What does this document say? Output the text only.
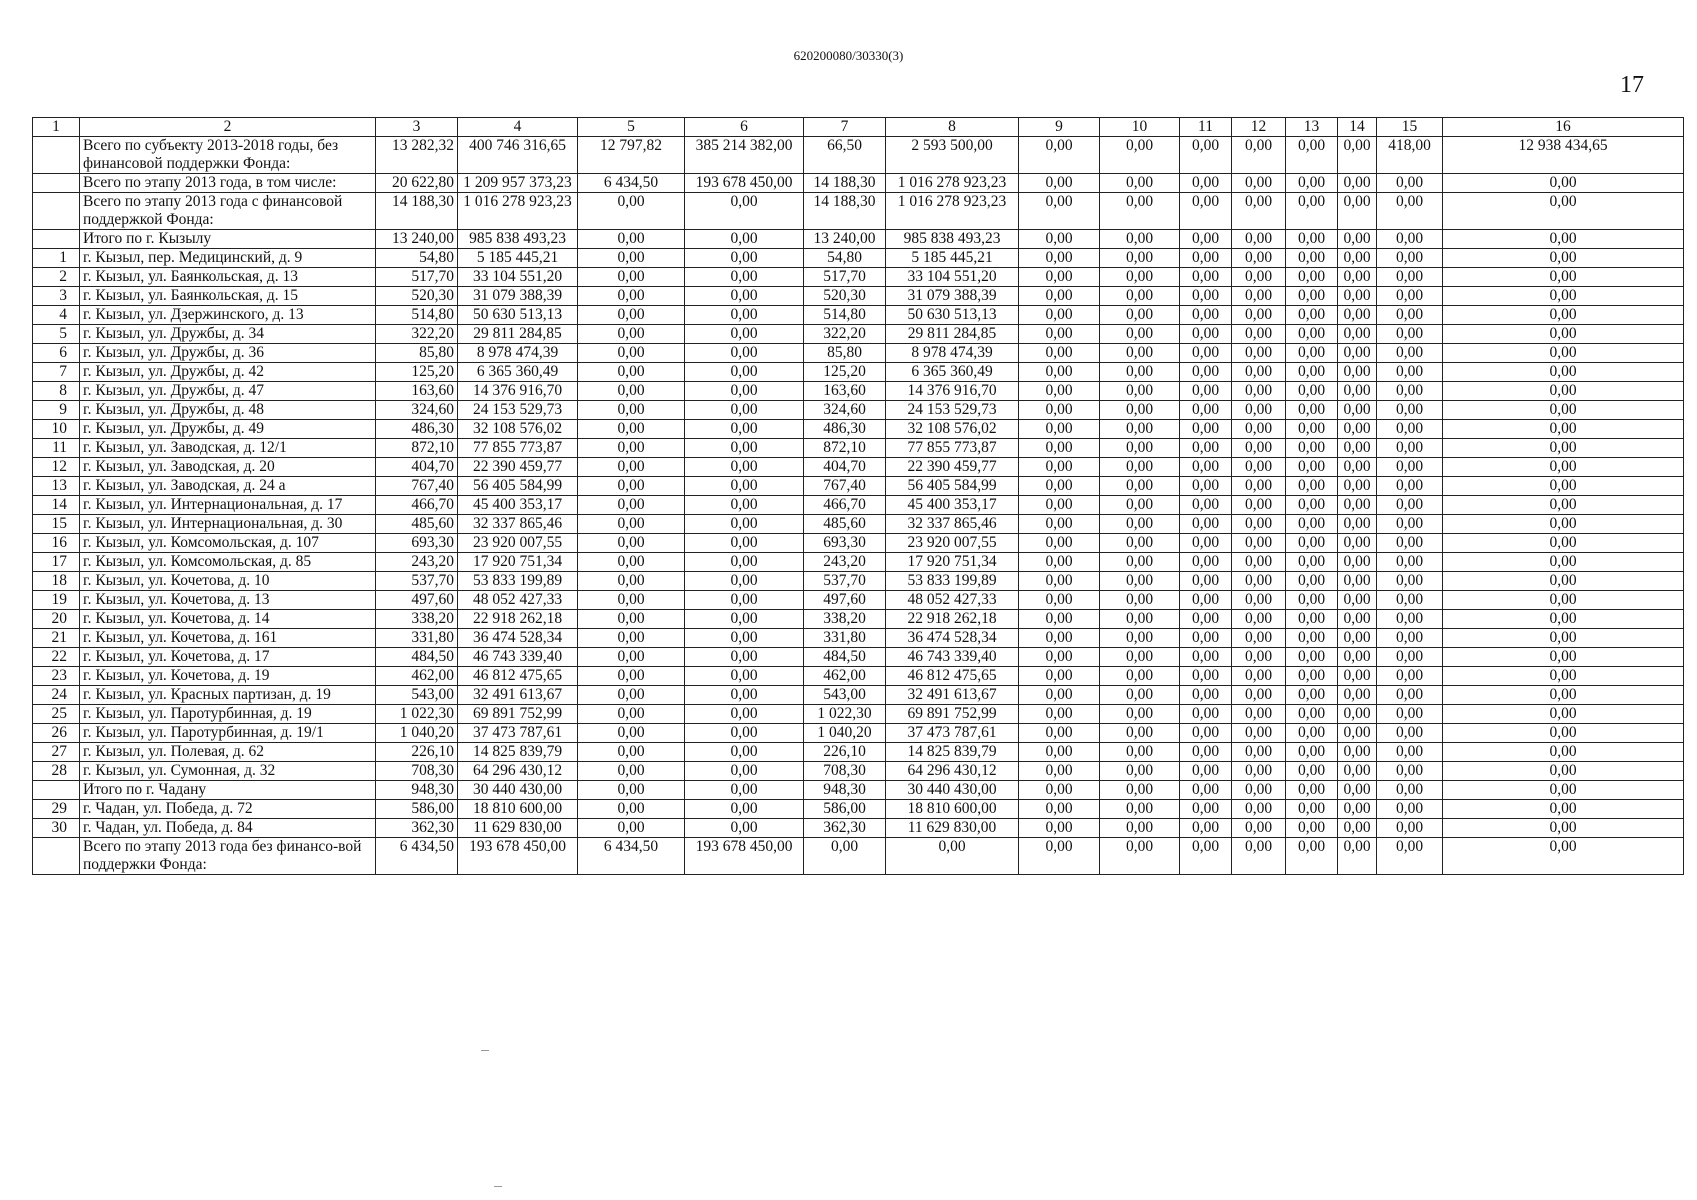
620200080/30330(3)
17
1	2	3	4	5	6	7	8	9	10	11	12	13	14	15	16
	Всего по субъекту 2013-2018 годы, без финансовой поддержки Фонда:	13 282,32	400 746 316,65	12 797,82	385 214 382,00	66,50	2 593 500,00	0,00	0,00	0,00	0,00	0,00	0,00	418,00	12 938 434,65
	Всего по этапу 2013 года, в том числе:	20 622,80	1 209 957 373,23	6 434,50	193 678 450,00	14 188,30	1 016 278 923,23	0,00	0,00	0,00	0,00	0,00	0,00	0,00	0,00
	Всего по этапу 2013 года с финансовой поддержкой Фонда:	14 188,30	1 016 278 923,23	0,00	0,00	14 188,30	1 016 278 923,23	0,00	0,00	0,00	0,00	0,00	0,00	0,00	0,00
	Итого по г. Кызылу	13 240,00	985 838 493,23	0,00	0,00	13 240,00	985 838 493,23	0,00	0,00	0,00	0,00	0,00	0,00	0,00	0,00
1	г. Кызыл, пер. Медицинский, д. 9	54,80	5 185 445,21	0,00	0,00	54,80	5 185 445,21	0,00	0,00	0,00	0,00	0,00	0,00	0,00	0,00
2	г. Кызыл, ул. Баянкольская, д. 13	517,70	33 104 551,20	0,00	0,00	517,70	33 104 551,20	0,00	0,00	0,00	0,00	0,00	0,00	0,00	0,00
3	г. Кызыл, ул. Баянкольская, д. 15	520,30	31 079 388,39	0,00	0,00	520,30	31 079 388,39	0,00	0,00	0,00	0,00	0,00	0,00	0,00	0,00
4	г. Кызыл, ул. Дзержинского, д. 13	514,80	50 630 513,13	0,00	0,00	514,80	50 630 513,13	0,00	0,00	0,00	0,00	0,00	0,00	0,00	0,00
5	г. Кызыл, ул. Дружбы, д. 34	322,20	29 811 284,85	0,00	0,00	322,20	29 811 284,85	0,00	0,00	0,00	0,00	0,00	0,00	0,00	0,00
6	г. Кызыл, ул. Дружбы, д. 36	85,80	8 978 474,39	0,00	0,00	85,80	8 978 474,39	0,00	0,00	0,00	0,00	0,00	0,00	0,00	0,00
7	г. Кызыл, ул. Дружбы, д. 42	125,20	6 365 360,49	0,00	0,00	125,20	6 365 360,49	0,00	0,00	0,00	0,00	0,00	0,00	0,00	0,00
8	г. Кызыл, ул. Дружбы, д. 47	163,60	14 376 916,70	0,00	0,00	163,60	14 376 916,70	0,00	0,00	0,00	0,00	0,00	0,00	0,00	0,00
9	г. Кызыл, ул. Дружбы, д. 48	324,60	24 153 529,73	0,00	0,00	324,60	24 153 529,73	0,00	0,00	0,00	0,00	0,00	0,00	0,00	0,00
10	г. Кызыл, ул. Дружбы, д. 49	486,30	32 108 576,02	0,00	0,00	486,30	32 108 576,02	0,00	0,00	0,00	0,00	0,00	0,00	0,00	0,00
11	г. Кызыл, ул. Заводская, д. 12/1	872,10	77 855 773,87	0,00	0,00	872,10	77 855 773,87	0,00	0,00	0,00	0,00	0,00	0,00	0,00	0,00
12	г. Кызыл, ул. Заводская, д. 20	404,70	22 390 459,77	0,00	0,00	404,70	22 390 459,77	0,00	0,00	0,00	0,00	0,00	0,00	0,00	0,00
13	г. Кызыл, ул. Заводская, д. 24 а	767,40	56 405 584,99	0,00	0,00	767,40	56 405 584,99	0,00	0,00	0,00	0,00	0,00	0,00	0,00	0,00
14	г. Кызыл, ул. Интернациональная, д. 17	466,70	45 400 353,17	0,00	0,00	466,70	45 400 353,17	0,00	0,00	0,00	0,00	0,00	0,00	0,00	0,00
15	г. Кызыл, ул. Интернациональная, д. 30	485,60	32 337 865,46	0,00	0,00	485,60	32 337 865,46	0,00	0,00	0,00	0,00	0,00	0,00	0,00	0,00
16	г. Кызыл, ул. Комсомольская, д. 107	693,30	23 920 007,55	0,00	0,00	693,30	23 920 007,55	0,00	0,00	0,00	0,00	0,00	0,00	0,00	0,00
17	г. Кызыл, ул. Комсомольская, д. 85	243,20	17 920 751,34	0,00	0,00	243,20	17 920 751,34	0,00	0,00	0,00	0,00	0,00	0,00	0,00	0,00
18	г. Кызыл, ул. Кочетова, д. 10	537,70	53 833 199,89	0,00	0,00	537,70	53 833 199,89	0,00	0,00	0,00	0,00	0,00	0,00	0,00	0,00
19	г. Кызыл, ул. Кочетова, д. 13	497,60	48 052 427,33	0,00	0,00	497,60	48 052 427,33	0,00	0,00	0,00	0,00	0,00	0,00	0,00	0,00
20	г. Кызыл, ул. Кочетова, д. 14	338,20	22 918 262,18	0,00	0,00	338,20	22 918 262,18	0,00	0,00	0,00	0,00	0,00	0,00	0,00	0,00
21	г. Кызыл, ул. Кочетова, д. 161	331,80	36 474 528,34	0,00	0,00	331,80	36 474 528,34	0,00	0,00	0,00	0,00	0,00	0,00	0,00	0,00
22	г. Кызыл, ул. Кочетова, д. 17	484,50	46 743 339,40	0,00	0,00	484,50	46 743 339,40	0,00	0,00	0,00	0,00	0,00	0,00	0,00	0,00
23	г. Кызыл, ул. Кочетова, д. 19	462,00	46 812 475,65	0,00	0,00	462,00	46 812 475,65	0,00	0,00	0,00	0,00	0,00	0,00	0,00	0,00
24	г. Кызыл, ул. Красных партизан, д. 19	543,00	32 491 613,67	0,00	0,00	543,00	32 491 613,67	0,00	0,00	0,00	0,00	0,00	0,00	0,00	0,00
25	г. Кызыл, ул. Паротурбинная, д. 19	1 022,30	69 891 752,99	0,00	0,00	1 022,30	69 891 752,99	0,00	0,00	0,00	0,00	0,00	0,00	0,00	0,00
26	г. Кызыл, ул. Паротурбинная, д. 19/1	1 040,20	37 473 787,61	0,00	0,00	1 040,20	37 473 787,61	0,00	0,00	0,00	0,00	0,00	0,00	0,00	0,00
27	г. Кызыл, ул. Полевая, д. 62	226,10	14 825 839,79	0,00	0,00	226,10	14 825 839,79	0,00	0,00	0,00	0,00	0,00	0,00	0,00	0,00
28	г. Кызыл, ул. Сумонная, д. 32	708,30	64 296 430,12	0,00	0,00	708,30	64 296 430,12	0,00	0,00	0,00	0,00	0,00	0,00	0,00	0,00
	Итого по г. Чадану	948,30	30 440 430,00	0,00	0,00	948,30	30 440 430,00	0,00	0,00	0,00	0,00	0,00	0,00	0,00	0,00
29	г. Чадан, ул. Победа, д. 72	586,00	18 810 600,00	0,00	0,00	586,00	18 810 600,00	0,00	0,00	0,00	0,00	0,00	0,00	0,00	0,00
30	г. Чадан, ул. Победа, д. 84	362,30	11 629 830,00	0,00	0,00	362,30	11 629 830,00	0,00	0,00	0,00	0,00	0,00	0,00	0,00	0,00
	Всего по этапу 2013 года без финансо-вой поддержки Фонда:	6 434,50	193 678 450,00	6 434,50	193 678 450,00	0,00	0,00	0,00	0,00	0,00	0,00	0,00	0,00	0,00	0,00
